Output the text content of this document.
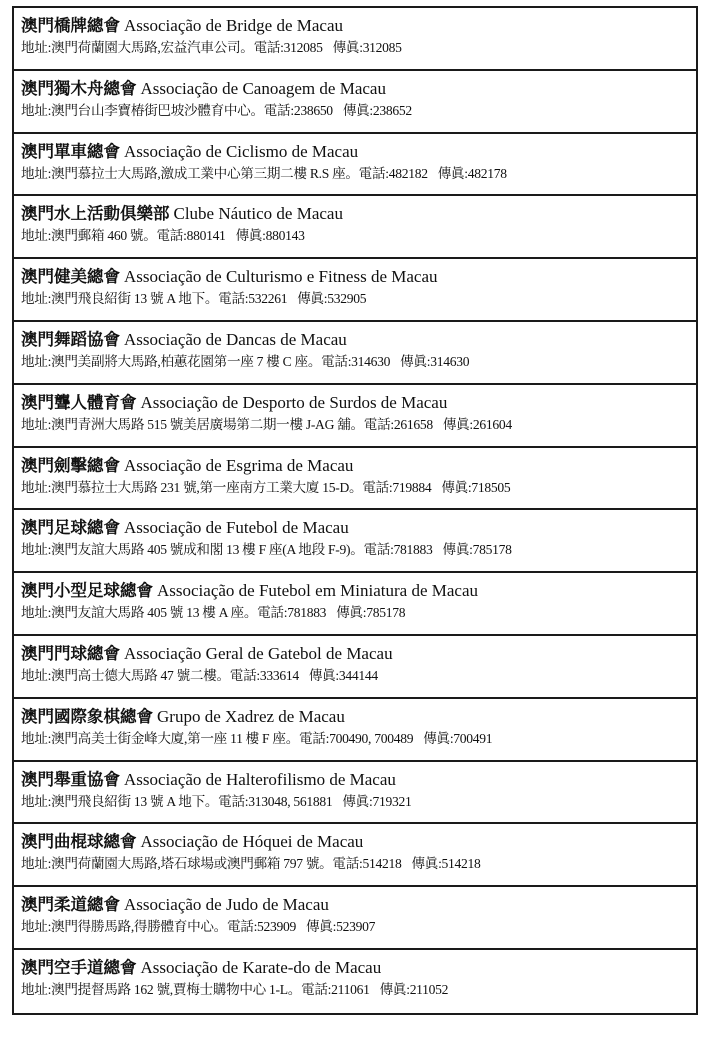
澳門橋牌總會 Associação de Bridge de Macau
地址:澳門荷蘭園大馬路,宏益汽車公司。電話:312085 傳眞:312085
澳門獨木舟總會 Associação de Canoagem de Macau
地址:澳門台山李寶椿街巴坡沙體育中心。電話:238650 傳眞:238652
澳門單車總會 Associação de Ciclismo de Macau
地址:澳門慕拉士大馬路,激成工業中心第三期二樓 R.S 座。電話:482182 傳眞:482178
澳門水上活動俱樂部 Clube Náutico de Macau
地址:澳門郵箱 460 號。電話:880141 傳眞:880143
澳門健美總會 Associação de Culturismo e Fitness de Macau
地址:澳門飛良紹街 13 號 A 地下。電話:532261 傳眞:532905
澳門舞蹈協會 Associação de Dancas de Macau
地址:澳門美副將大馬路,柏蕙花園第一座 7 樓 C 座。電話:314630 傳眞:314630
澳門聾人體育會 Associação de Desporto de Surdos de Macau
地址:澳門青洲大馬路 515 號美居廣場第二期一樓 J-AG 舖。電話:261658 傳眞:261604
澳門劍擊總會 Associação de Esgrima de Macau
地址:澳門慕拉士大馬路 231 號,第一座南方工業大廈 15-D。電話:719884 傳眞:718505
澳門足球總會 Associação de Futebol de Macau
地址:澳門友誼大馬路 405 號成和閣 13 樓 F 座(A 地段 F-9)。電話:781883 傳眞:785178
澳門小型足球總會 Associação de Futebol em Miniatura de Macau
地址:澳門友誼大馬路 405 號 13 樓 A 座。電話:781883 傳眞:785178
澳門門球總會 Associação Geral de Gatebol de Macau
地址:澳門高士德大馬路 47 號二樓。電話:333614 傳眞:344144
澳門國際象棋總會 Grupo de Xadrez de Macau
地址:澳門高美士街金峰大廈,第一座 11 樓 F 座。電話:700490, 700489 傳眞:700491
澳門舉重協會 Associação de Halterofilismo de Macau
地址:澳門飛良紹街 13 號 A 地下。電話:313048, 561881 傳眞:719321
澳門曲棍球總會 Associação de Hóquei de Macau
地址:澳門荷蘭園大馬路,塔石球場或澳門郵箱 797 號。電話:514218 傳眞:514218
澳門柔道總會 Associação de Judo de Macau
地址:澳門得勝馬路,得勝體育中心。電話:523909 傳眞:523907
澳門空手道總會 Associação de Karate-do de Macau
地址:澳門提督馬路 162 號,賈梅士購物中心 1-L。電話:211061 傳眞:211052
